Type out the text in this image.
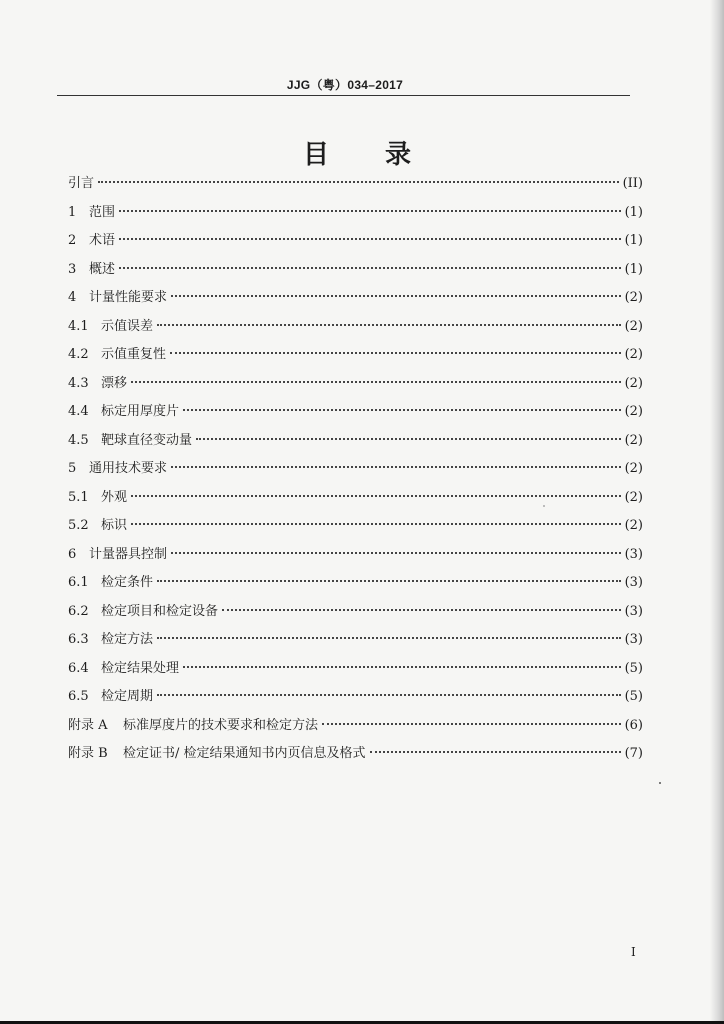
JJG（粤）034–2017
目 录
引言	(II)
1 范围	(1)
2 术语	(1)
3 概述	(1)
4 计量性能要求	(2)
4.1 示值误差	(2)
4.2 示值重复性	(2)
4.3 漂移	(2)
4.4 标定用厚度片	(2)
4.5 靶球直径变动量	(2)
5 通用技术要求	(2)
5.1 外观	(2)
5.2 标识	(2)
6 计量器具控制	(3)
6.1 检定条件	(3)
6.2 检定项目和检定设备	(3)
6.3 检定方法	(3)
6.4 检定结果处理	(5)
6.5 检定周期	(5)
附录 A	标准厚度片的技术要求和检定方法	(6)
附录 B	检定证书/ 检定结果通知书内页信息及格式	(7)
I
